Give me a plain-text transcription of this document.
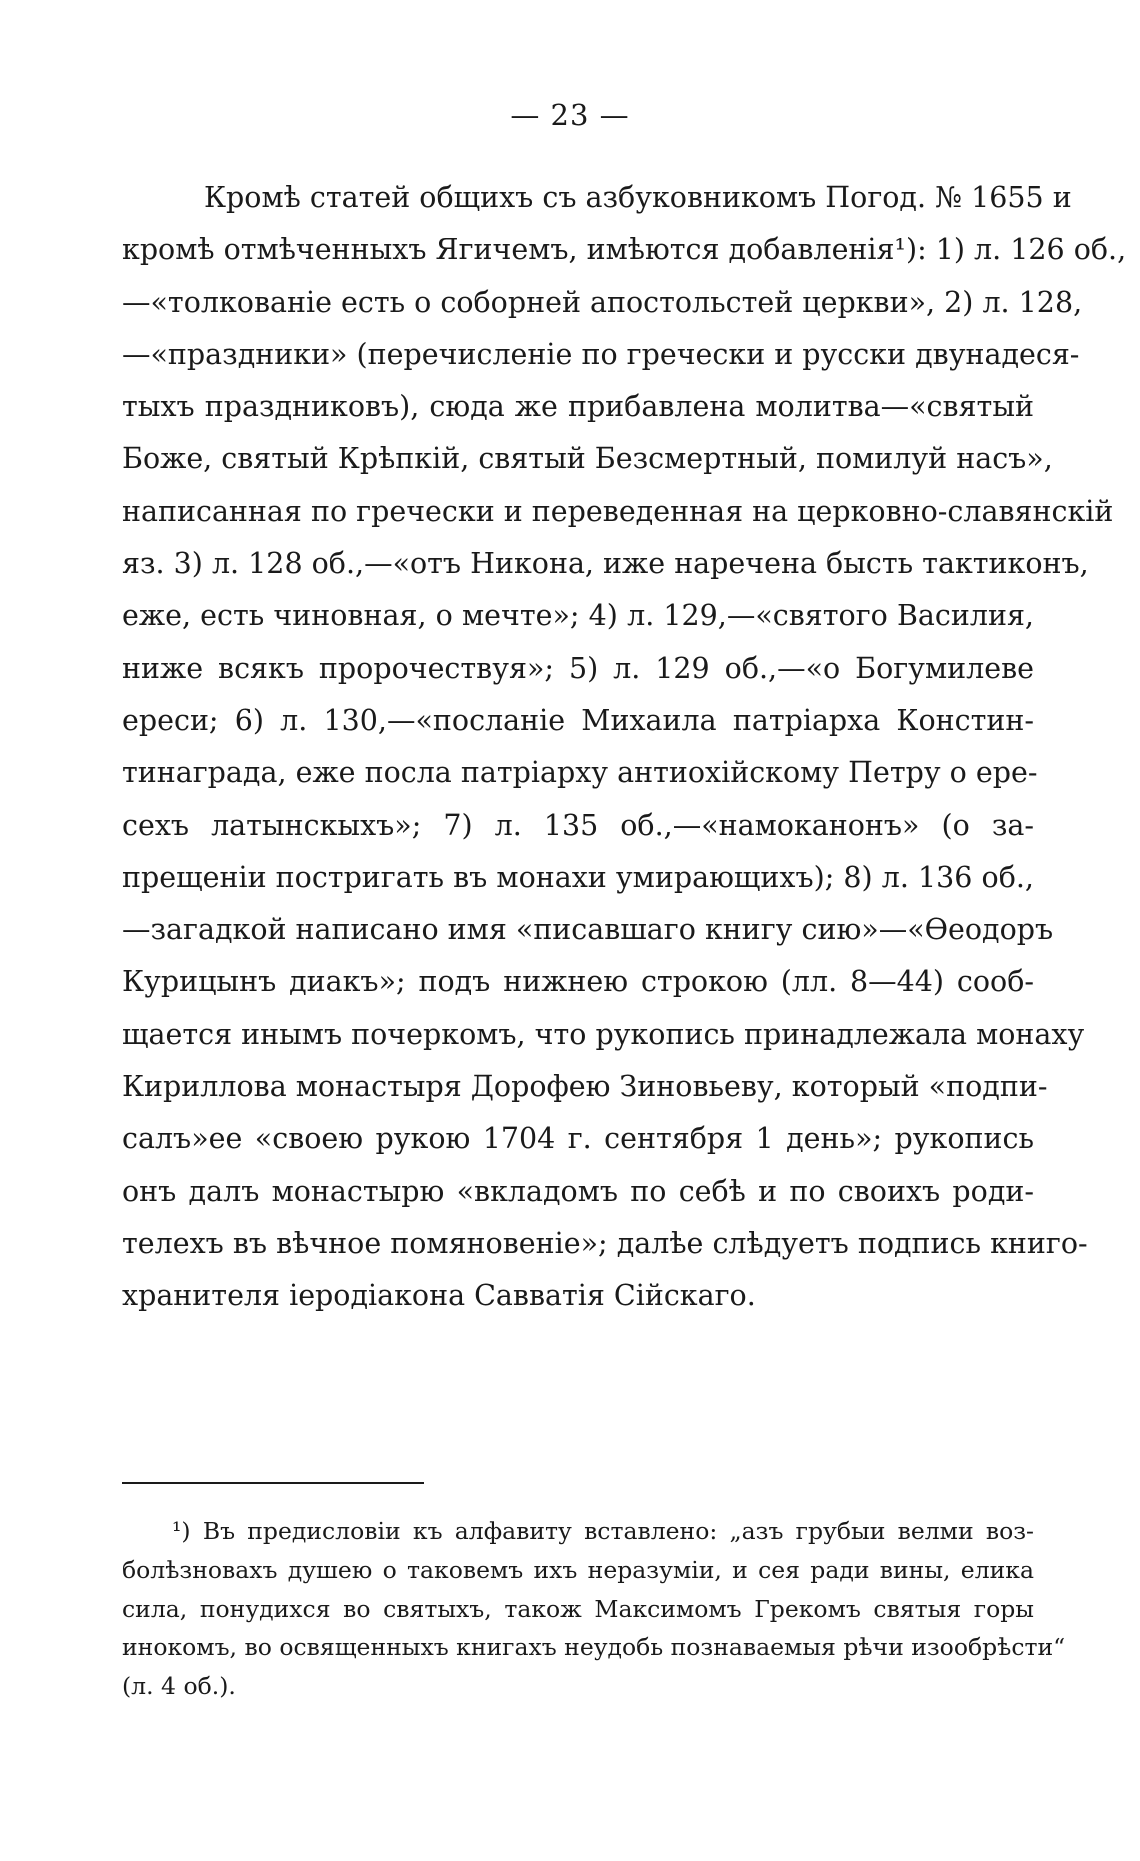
— 23 —
Кромѣ статей общихъ съ азбуковникомъ Погод. № 1655 и
кромѣ отмѣченныхъ Ягичемъ, имѣются добавленія¹): 1) л. 126 об.,
—«толкованіе есть о соборней апостольстей церкви», 2) л. 128,
—«праздники» (перечисленіе по гречески и русски двунадеся-
тыхъ праздниковъ), сюда же прибавлена молитва—«святый
Боже, святый Крѣпкій, святый Безсмертный, помилуй насъ»,
написанная по гречески и переведенная на церковно-славянскій
яз. 3) л. 128 об.,—«отъ Никона, иже наречена бысть тактиконъ,
еже, есть чиновная, о мечте»; 4) л. 129,—«святого Василия,
ниже всякъ пророчествуя»; 5) л. 129 об.,—«о Богумилеве
ереси; 6) л. 130,—«посланіе Михаила патріарха Констин-
тинаграда, еже посла патріарху антиохійскому Петру о ере-
сехъ латынскыхъ»; 7) л. 135 об.,—«намоканонъ» (о за-
прещеніи постригать въ монахи умирающихъ); 8) л. 136 об.,
—загадкой написано имя «писавшаго книгу сию»—«Ѳеодоръ
Курицынъ диакъ»; подъ нижнею строкою (лл. 8—44) сооб-
щается инымъ почеркомъ, что рукопись принадлежала монаху
Кириллова монастыря Дорофею Зиновьеву, который «подпи-
салъ»ее «своею рукою 1704 г. сентября 1 день»; рукопись
онъ далъ монастырю «вкладомъ по себѣ и по своихъ роди-
телехъ въ вѣчное помяновеніе»; далѣе слѣдуетъ подпись книго-
хранителя іеродіакона Савватія Сійскаго.
¹) Въ предисловіи къ алфавиту вставлено: „азъ грубыи велми воз-
болѣзновахъ душею о таковемъ ихъ неразуміи, и сея ради вины, елика
сила, понудихся во святыхъ, також Максимомъ Грекомъ святыя горы
инокомъ, во освященныхъ книгахъ неудобь познаваемыя рѣчи изообрѣсти“
(л. 4 об.).
